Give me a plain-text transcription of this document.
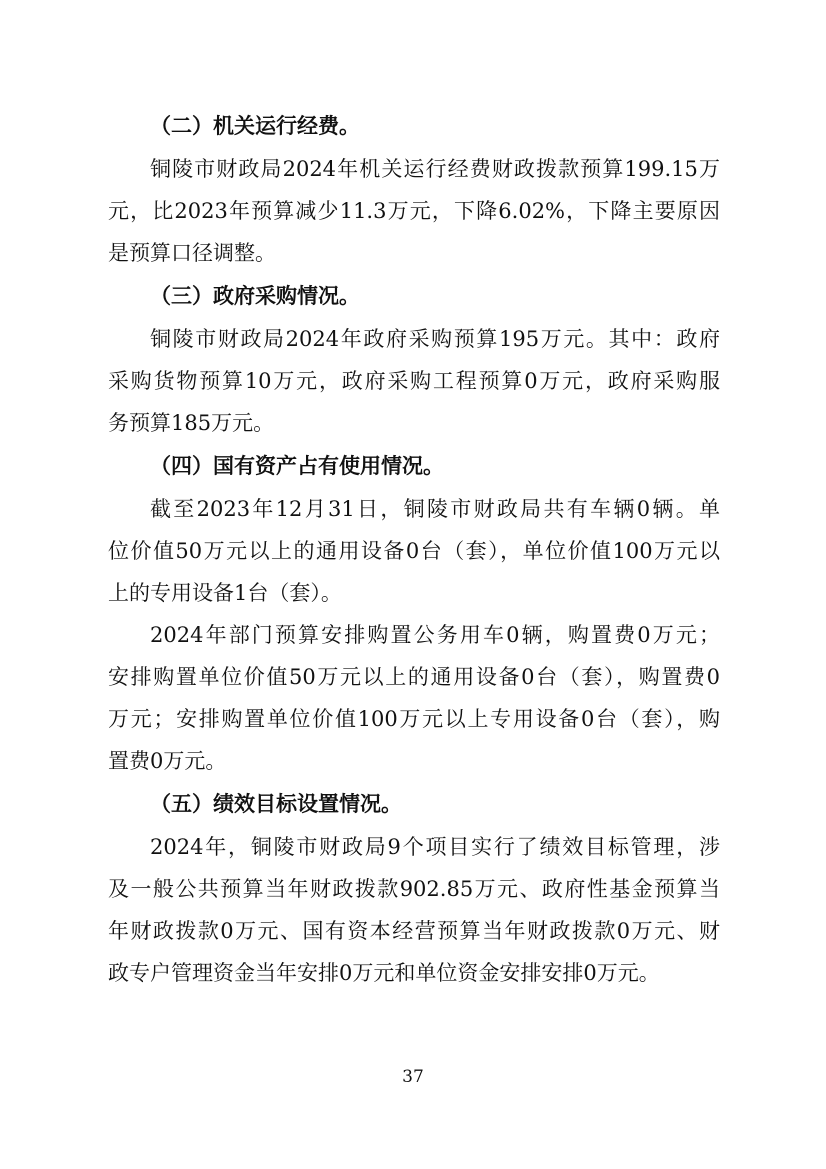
（二）机关运行经费。

铜陵市财政局2024年机关运行经费财政拨款预算199.15万
元，比2023年预算减少11.3万元，下降6.02%，下降主要原因
是预算口径调整。

（三）政府采购情况。

铜陵市财政局2024年政府采购预算195万元。其中：政府
采购货物预算10万元，政府采购工程预算0万元，政府采购服
务预算185万元。

（四）国有资产占有使用情况。

截至2023年12月31日，铜陵市财政局共有车辆0辆。单
位价值50万元以上的通用设备0台（套），单位价值100万元以
上的专用设备1台（套）。

2024年部门预算安排购置公务用车0辆，购置费0万元；
安排购置单位价值50万元以上的通用设备0台（套），购置费0
万元；安排购置单位价值100万元以上专用设备0台（套），购
置费0万元。

（五）绩效目标设置情况。

2024年，铜陵市财政局9个项目实行了绩效目标管理，涉
及一般公共预算当年财政拨款902.85万元、政府性基金预算当
年财政拨款0万元、国有资本经营预算当年财政拨款0万元、财
政专户管理资金当年安排0万元和单位资金安排安排0万元。

37
